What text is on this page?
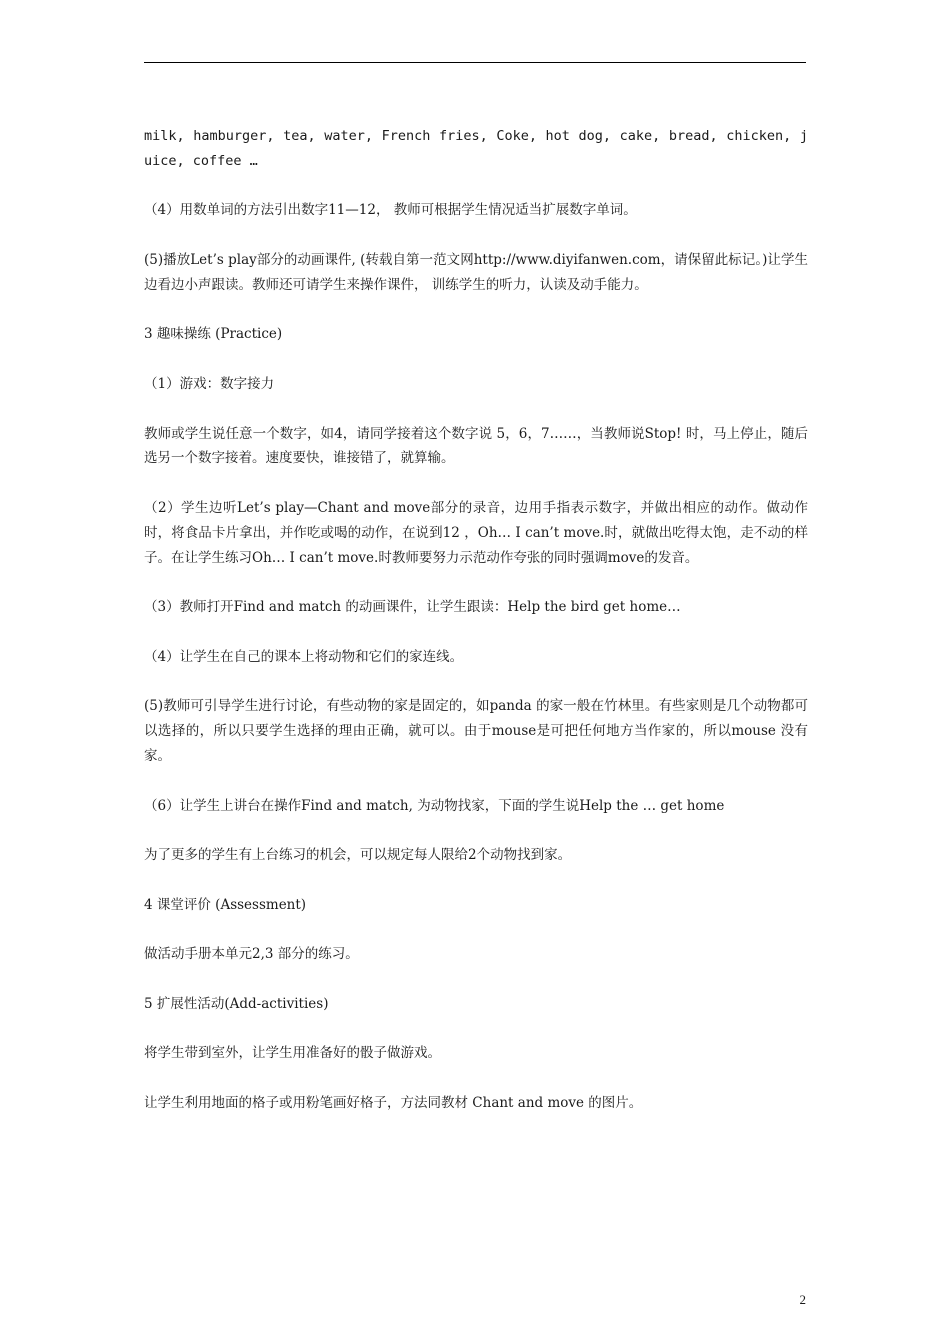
milk, hamburger, tea, water, French fries, Coke, hot dog, cake, bread, chicken, juice, coffee …

（4）用数单词的方法引出数字11—12， 教师可根据学生情况适当扩展数字单词。

(5)播放Let’s play部分的动画课件, (转载自第一范文网http://www.diyifanwen.com，请保留此标记。)让学生边看边小声跟读。教师还可请学生来操作课件， 训练学生的听力，认读及动手能力。

3 趣味操练 (Practice)

（1）游戏：数字接力

教师或学生说任意一个数字，如4，请同学接着这个数字说 5，6，7……，当教师说Stop! 时，马上停止，随后选另一个数字接着。速度要快，谁接错了，就算输。

（2）学生边听Let’s play—Chant and move部分的录音，边用手指表示数字，并做出相应的动作。做动作时，将食品卡片拿出，并作吃或喝的动作，在说到12 ，Oh… I can’t move.时，就做出吃得太饱，走不动的样子。在让学生练习Oh… I can’t move.时教师要努力示范动作夸张的同时强调move的发音。

（3）教师打开Find and match 的动画课件，让学生跟读：Help the bird get home…

（4）让学生在自己的课本上将动物和它们的家连线。

(5)教师可引导学生进行讨论，有些动物的家是固定的，如panda 的家一般在竹林里。有些家则是几个动物都可以选择的，所以只要学生选择的理由正确，就可以。由于mouse是可把任何地方当作家的，所以mouse 没有家。

（6）让学生上讲台在操作Find and match, 为动物找家，下面的学生说Help the … get home

为了更多的学生有上台练习的机会，可以规定每人限给2个动物找到家。

4 课堂评价 (Assessment)

做活动手册本单元2,3 部分的练习。

5 扩展性活动(Add-activities)

将学生带到室外，让学生用准备好的骰子做游戏。

让学生利用地面的格子或用粉笔画好格子，方法同教材 Chant and move 的图片。

2
